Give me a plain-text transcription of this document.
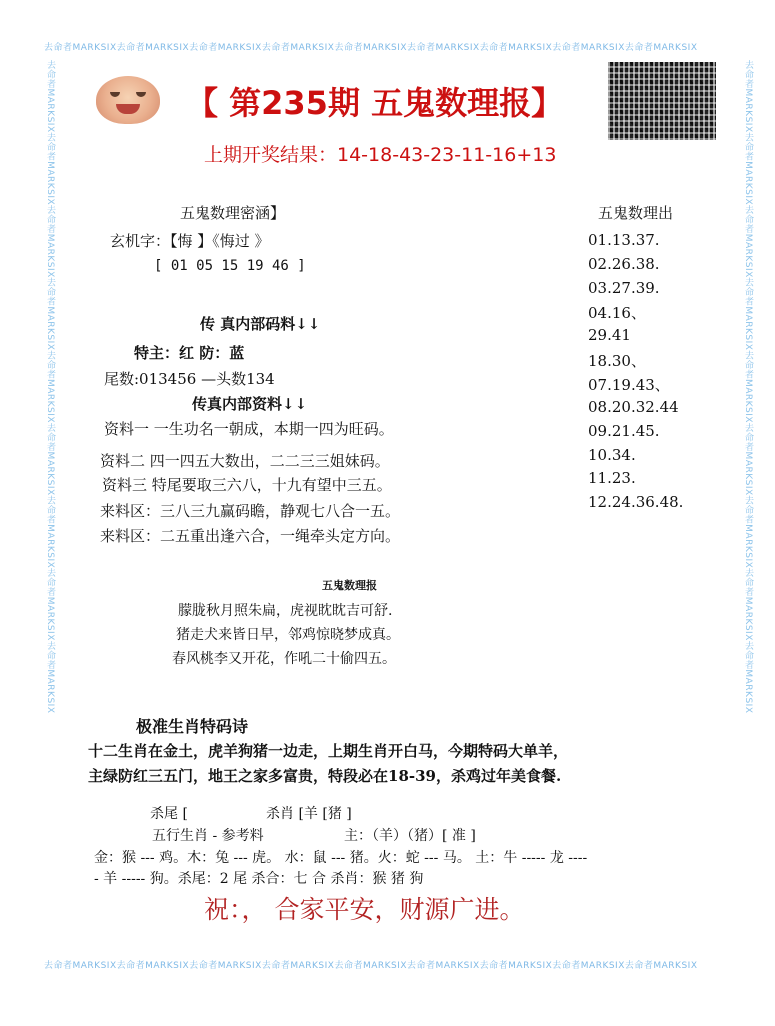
去命者MARKSIX去命者MARKSIX去命者MARKSIX去命者MARKSIX去命者MARKSIX去命者MARKSIX去命者MARKSIX去命者MARKSIX去命者MARKSIX
去命者MARKSIX去命者MARKSIX去命者MARKSIX去命者MARKSIX去命者MARKSIX去命者MARKSIX去命者MARKSIX去命者MARKSIX去命者MARKSIX
去命者MARKSIX去命者MARKSIX去命者MARKSIX去命者MARKSIX去命者MARKSIX去命者MARKSIX去命者MARKSIX去命者MARKSIX去命者MARKSIX	去命者MARKSIX去命者MARKSIX去命者MARKSIX去命者MARKSIX去命者MARKSIX去命者MARKSIX去命者MARKSIX去命者MARKSIX去命者MARKSIX
【 第235期 五鬼数理报】
上期开奖结果：14-18-43-23-11-16+13
五鬼数理密涵】
玄机字：【悔 】《悔过 》
[ 01 05 15 19 46 ]
传 真内部码料↓↓
特主：红 防：蓝
尾数:013456 —头数134
传真内部资料↓↓
资料一 一生功名一朝成，本期一四为旺码。
资料二 四一四五大数出，二二三三姐妹码。
资料三 特尾要取三六八，十九有望中三五。
来料区：三八三九赢码瞻，静观七八合一五。
来料区：二五重出逢六合，一绳牵头定方向。
五鬼数理出
01.13.37.
02.26.38.
03.27.39.
04.16、
29.41
18.30、
07.19.43、
08.20.32.44
09.21.45.
10.34.
11.23.
12.24.36.48.
五鬼数理报
朦胧秋月照朱扁，虎视眈眈吉可舒.
猪走犬来皆日早，邻鸡惊晓梦成真。
春风桃李又开花，作吼二十偷四五。
极准生肖特码诗
十二生肖在金土，虎羊狗猪一边走，上期生肖开白马，今期特码大单羊，
主绿防红三五门，地王之家多富贵，特段必在18-39，杀鸡过年美食餐.
杀尾 [	杀肖 [羊 [猪 ]
五行生肖 - 参考料	主：（羊）（猪）[ 准 ]
金：猴 --- 鸡。木：兔 --- 虎。 水：鼠 --- 猪。火：蛇 --- 马。 土：牛 ----- 龙 ----
- 羊 ----- 狗。杀尾：2 尾 杀合：七 合 杀肖：猴 猪 狗
祝：， 合家平安，财源广进。
